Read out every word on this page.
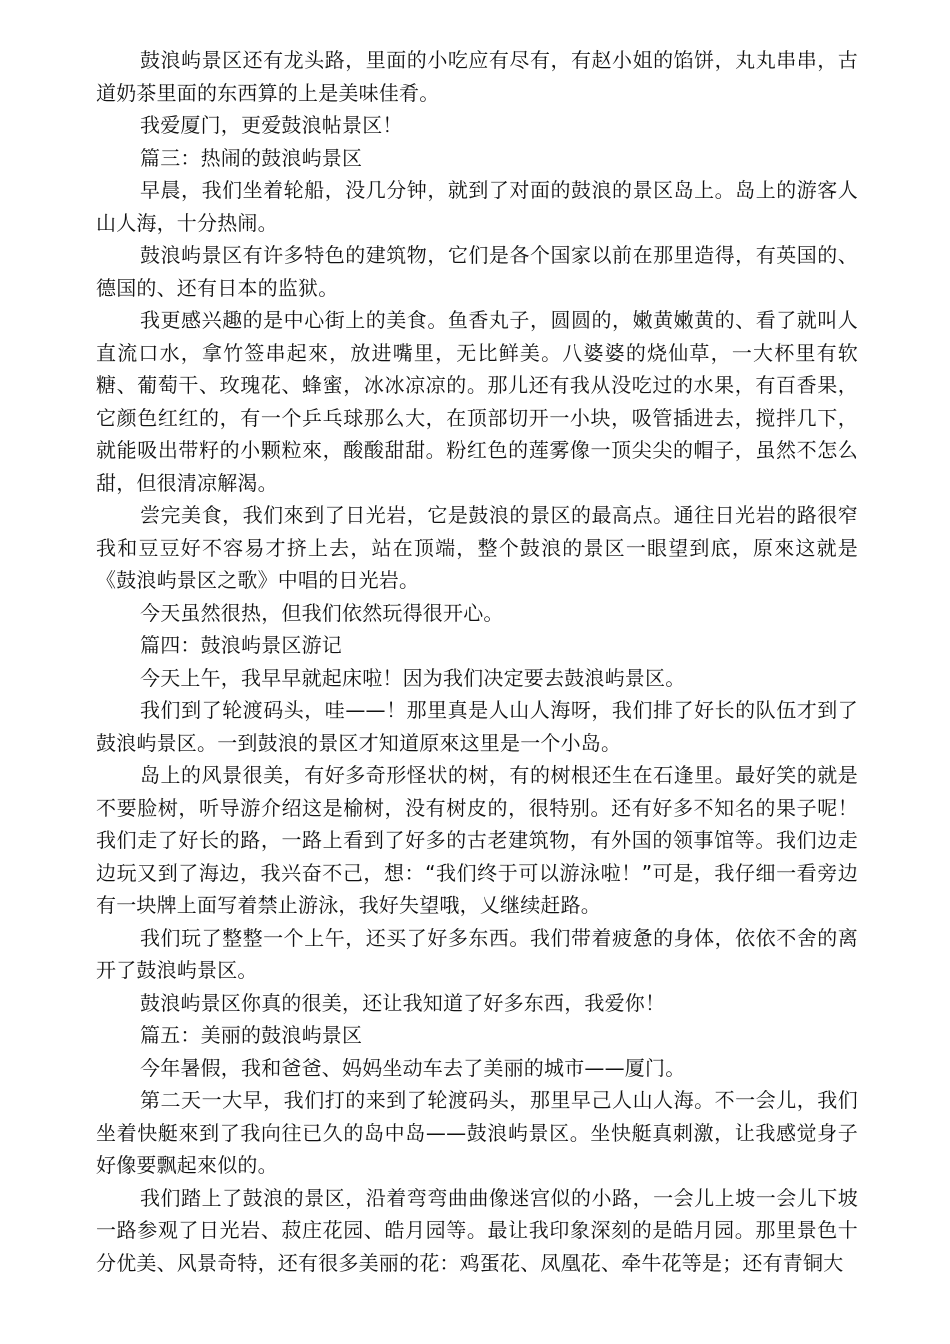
鼓浪屿景区还有龙头路，里面的小吃应有尽有，有赵小姐的馅饼，丸丸串串，古道奶茶里面的东西算的上是美味佳肴。

我爱厦门，更爱鼓浪帖景区！

篇三：热闹的鼓浪屿景区

早晨，我们坐着轮船，没几分钟，就到了对面的鼓浪的景区岛上。岛上的游客人山人海，十分热闹。

鼓浪屿景区有许多特色的建筑物，它们是各个国家以前在那里造得，有英国的、德国的、还有日本的监狱。

我更感兴趣的是中心街上的美食。鱼香丸子，圆圆的，嫩黄嫩黄的、看了就叫人直流口水，拿竹签串起來，放进嘴里，无比鲜美。八婆婆的烧仙草，一大杯里有软糖、葡萄干、玫瑰花、蜂蜜，冰冰凉凉的。那儿还有我从没吃过的水果，有百香果，它颜色红红的，有一个乒乓球那么大，在顶部切开一小块，吸管插进去，搅拌几下，就能吸出带籽的小颗粒來，酸酸甜甜。粉红色的莲雾像一顶尖尖的帽子，虽然不怎么甜，但很清凉解渴。

尝完美食，我们來到了日光岩，它是鼓浪的景区的最高点。通往日光岩的路很窄我和豆豆好不容易才挤上去，站在顶端，整个鼓浪的景区一眼望到底，原來这就是《鼓浪屿景区之歌》中唱的日光岩。

今天虽然很热，但我们依然玩得很开心。

篇四：鼓浪屿景区游记

今天上午，我早早就起床啦！因为我们决定要去鼓浪屿景区。

我们到了轮渡码头，哇——！那里真是人山人海呀，我们排了好长的队伍才到了鼓浪屿景区。一到鼓浪的景区才知道原來这里是一个小岛。

岛上的风景很美，有好多奇形怪状的树，有的树根还生在石逢里。最好笑的就是不要脸树，听导游介绍这是榆树，没有树皮的，很特别。还有好多不知名的果子呢！我们走了好长的路，一路上看到了好多的古老建筑物，有外国的领事馆等。我们边走边玩又到了海边，我兴奋不己，想：“我们终于可以游泳啦！”可是，我仔细一看旁边有一块牌上面写着禁止游泳，我好失望哦，乂继续赶路。

我们玩了整整一个上午，还买了好多东西。我们带着疲惫的身体，依依不舍的离开了鼓浪屿景区。

鼓浪屿景区你真的很美，还让我知道了好多东西，我爱你！

篇五：美丽的鼓浪屿景区

今年暑假，我和爸爸、妈妈坐动车去了美丽的城市——厦门。

第二天一大早，我们打的来到了轮渡码头，那里早己人山人海。不一会儿，我们坐着快艇來到了我向往已久的岛中岛——鼓浪屿景区。坐快艇真刺激，让我感觉身子好像要飘起來似的。

我们踏上了鼓浪的景区，沿着弯弯曲曲像迷宫似的小路，一会儿上坡一会儿下坡一路参观了日光岩、菽庄花园、皓月园等。最让我印象深刻的是皓月园。那里景色十分优美、风景奇特，还有很多美丽的花：鸡蛋花、凤凰花、牵牛花等是；还有青铜大
